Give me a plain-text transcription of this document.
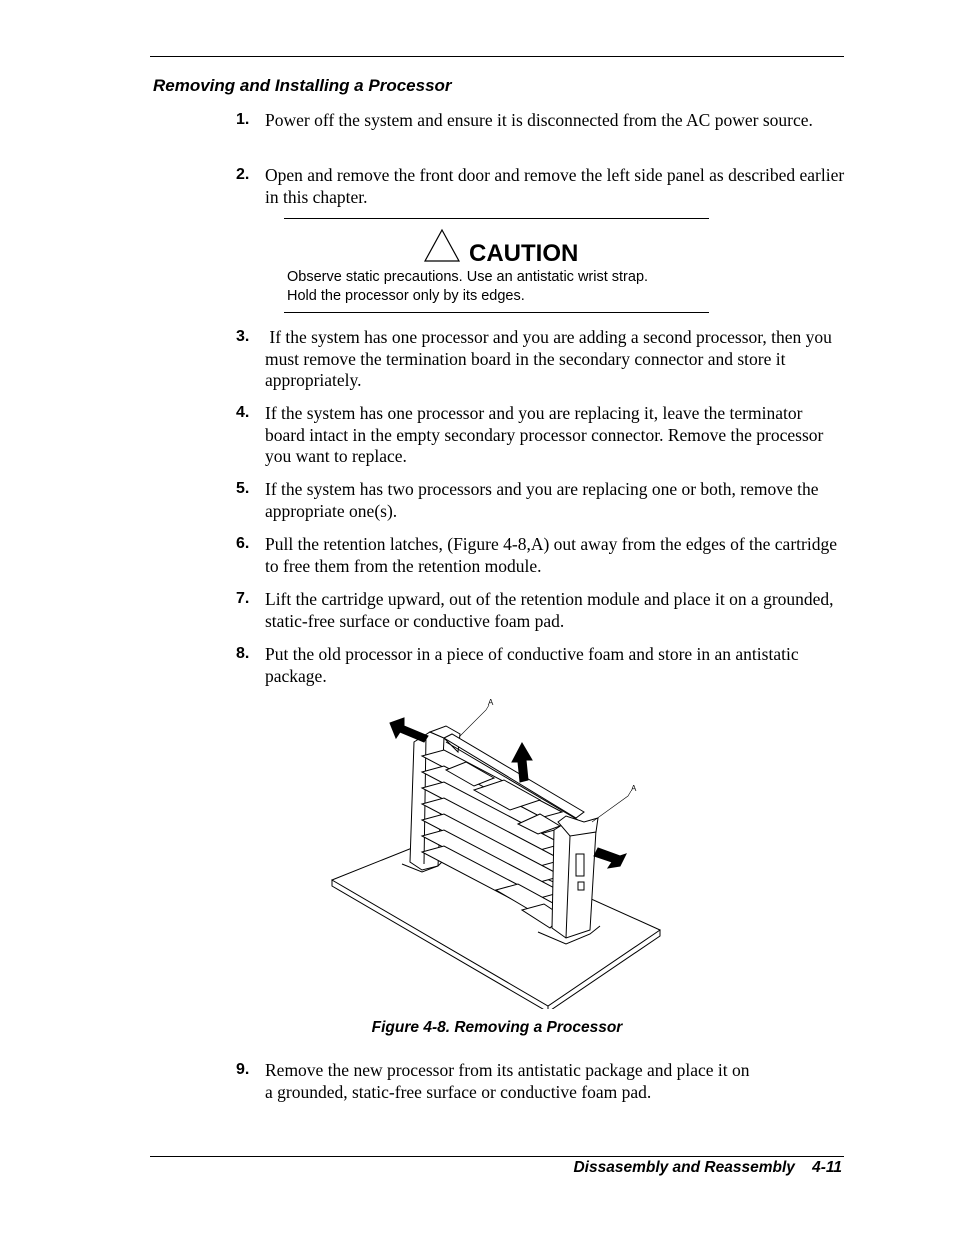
Removing and Installing a Processor
1. Power off the system and ensure it is disconnected from the AC power source.
2. Open and remove the front door and remove the left side panel as described earlier in this chapter.
CAUTION
Observe static precautions. Use an antistatic wrist strap.
Hold the processor only by its edges.
3. If the system has one processor and you are adding a second processor, then you must remove the termination board in the secondary connector and store it appropriately.
4. If the system has one processor and you are replacing it, leave the terminator board intact in the empty secondary processor connector. Remove the processor you want to replace.
5. If the system has two processors and you are replacing one or both, remove the appropriate one(s).
6. Pull the retention latches, (Figure 4-8,A) out away from the edges of the cartridge to free them from the retention module.
7. Lift the cartridge upward, out of the retention module and place it on a grounded, static-free surface or conductive foam pad.
8. Put the old processor in a piece of conductive foam and store in an antistatic package.
A
A
Figure 4-8. Removing a Processor
9. Remove the new processor from its antistatic package and place it on a grounded, static-free surface or conductive foam pad.
Dissasembly and Reassembly 4-11
